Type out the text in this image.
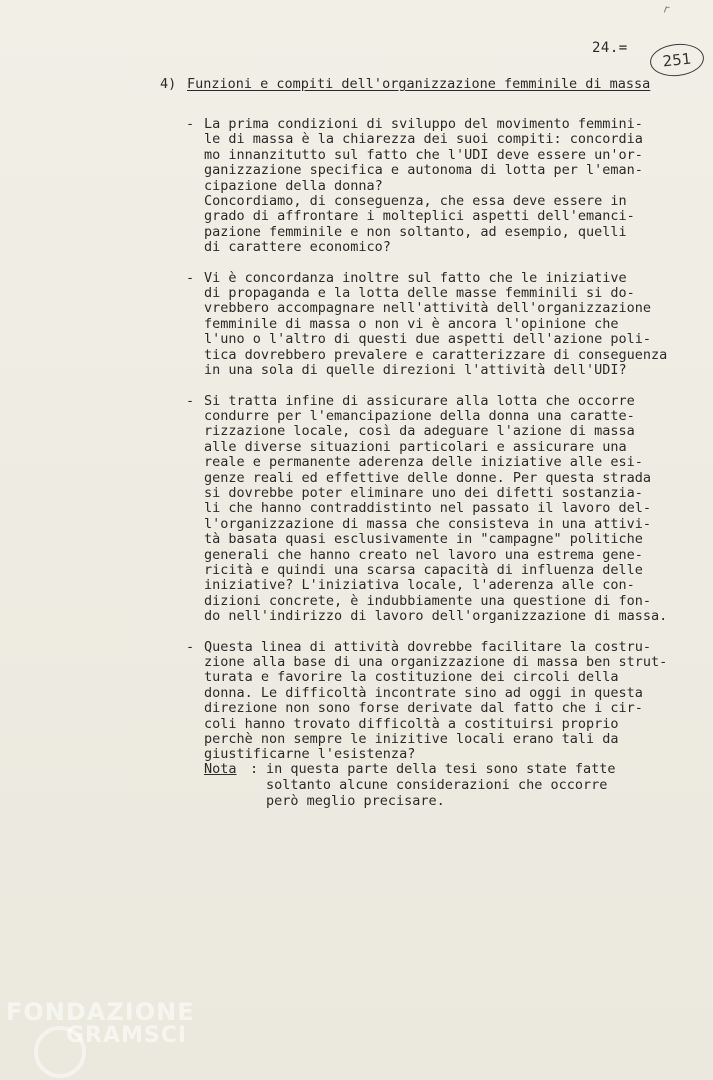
r
24.=
251
4) Funzioni e compiti dell'organizzazione femminile di massa
- La prima condizioni di sviluppo del movimento femmini-
le di massa è la chiarezza dei suoi compiti: concordia
mo innanzitutto sul fatto che l'UDI deve essere un'or-
ganizzazione specifica e autonoma di lotta per l'eman-
cipazione della donna?
Concordiamo, di conseguenza, che essa deve essere in
grado di affrontare i molteplici aspetti dell'emanci-
pazione femminile e non soltanto, ad esempio, quelli
di carattere economico?
- Vi è concordanza inoltre sul fatto che le iniziative
di propaganda e la lotta delle masse femminili si do-
vrebbero accompagnare nell'attività dell'organizzazione
femminile di massa o non vi è ancora l'opinione che
l'uno o l'altro di questi due aspetti dell'azione poli-
tica dovrebbero prevalere e caratterizzare di conseguenza
in una sola di quelle direzioni l'attività dell'UDI?
- Si tratta infine di assicurare alla lotta che occorre
condurre per l'emancipazione della donna una caratte-
rizzazione locale, così da adeguare l'azione di massa
alle diverse situazioni particolari e assicurare una
reale e permanente aderenza delle iniziative alle esi-
genze reali ed effettive delle donne. Per questa strada
si dovrebbe poter eliminare uno dei difetti sostanzia-
li che hanno contraddistinto nel passato il lavoro del-
l'organizzazione di massa che consisteva in una attivi-
tà basata quasi esclusivamente in "campagne" politiche
generali che hanno creato nel lavoro una estrema gene-
ricità e quindi una scarsa capacità di influenza delle
iniziative? L'iniziativa locale, l'aderenza alle con-
dizioni concrete, è indubbiamente una questione di fon-
do nell'indirizzo di lavoro dell'organizzazione di massa.
- Questa linea di attività dovrebbe facilitare la costru-
zione alla base di una organizzazione di massa ben strut-
turata e favorire la costituzione dei circoli della
donna. Le difficoltà incontrate sino ad oggi in questa
direzione non sono forse derivate dal fatto che i cir-
coli hanno trovato difficoltà a costituirsi proprio
perchè non sempre le inizitive locali erano tali da
giustificarne l'esistenza?
Nota : in questa parte della tesi sono state fatte
soltanto alcune considerazioni che occorre
però meglio precisare.
FONDAZIONE
GRAMSCI
